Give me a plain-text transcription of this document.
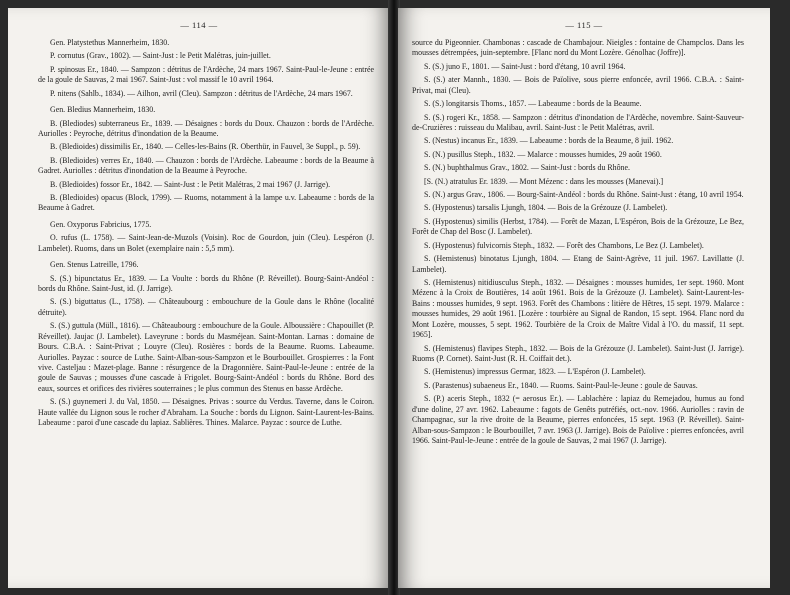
— 114 —
Gen. Platystethus Mannerheim, 1830.
P. cornutus (Grav., 1802). — Saint-Just : le Petit Malétras, juin-juillet.
P. spinosus Er., 1840. — Sampzon : détritus de l'Ardèche, 24 mars 1967. Saint-Paul-le-Jeune : entrée de la goule de Sauvas, 2 mai 1967. Saint-Just : vol massif le 10 avril 1964.
P. nitens (Sahlb., 1834). — Ailhon, avril (Cleu). Sampzon : détritus de l'Ardèche, 24 mars 1967.
Gen. Bledius Mannerheim, 1830.
B. (Blediodes) subterraneus Er., 1839. — Désaignes : bords du Doux. Chauzon : bords de l'Ardèche. Auriolles : Peyroche, détritus d'inondation de la Beaume.
B. (Bledioides) dissimilis Er., 1840. — Celles-les-Bains (R. Oberthür, in Fauvel, 3e Suppl., p. 59).
B. (Bledioides) verres Er., 1840. — Chauzon : bords de l'Ardèche. Labeaume : bords de la Beaume à Gadret. Auriolles : détritus d'inondation de la Beaume à Peyroche.
B. (Bledioides) fossor Er., 1842. — Saint-Just : le Petit Malétras, 2 mai 1967 (J. Jarrige).
B. (Bledioides) opacus (Block, 1799). — Ruoms, notamment à la lampe u.v. Labeaume : bords de la Beaume à Gadret.
Gen. Oxyporus Fabricius, 1775.
O. rufus (L. 1758). — Saint-Jean-de-Muzols (Voisin). Roc de Gourdon, juin (Cleu). Lespéron (J. Lambelet). Ruoms, dans un Bolet (exemplaire nain : 5,5 mm).
Gen. Stenus Latreille, 1796.
S. (S.) bipunctatus Er., 1839. — La Voulte : bords du Rhône (P. Réveillet). Bourg-Saint-Andéol : bords du Rhône. Saint-Just, id. (J. Jarrige).
S. (S.) biguttatus (L., 1758). — Châteaubourg : embouchure de la Goule dans le Rhône (localité détruite).
S. (S.) guttula (Müll., 1816). — Châteaubourg : embouchure de la Goule. Alboussière : Chapouillet (P. Réveillet). Jaujac (J. Lambelet). Laveyrune : bords du Masméjean. Saint-Montan. Larnas : domaine de Bours. C.B.A. : Saint-Privat ; Louyre (Cleu). Rosières : bords de la Beaume. Ruoms. Labeaume. Auriolles. Payzac : source de Luthe. Saint-Alban-sous-Sampzon et le Bourbouillet. Grospierres : la Font vive. Casteljau : Mazet-plage. Banne : résurgence de la Dragonnière. Saint-Paul-le-Jeune : entrée de la goule de Sauvas ; mousses d'une cascade à Frigolet. Bourg-Saint-Andéol : bords du Rhône. Bord des eaux, sources et orifices des rivières souterraines ; le plus commun des Stenus en basse Ardèche.
S. (S.) guynemeri J. du Val, 1850. — Désaignes. Privas : source du Verdus. Taverne, dans le Coiron. Haute vallée du Lignon sous le rocher d'Abraham. La Souche : bords du Lignon. Saint-Laurent-les-Bains. Labeaume : paroi d'une cascade du lapiaz. Sablières. Thines. Malarce. Payzac : source de Luthe.
— 115 —
source du Pigeonnier. Chambonas : cascade de Chambajour. Nieigles : fontaine de Champclos. Dans les mousses détrempées, juin-septembre. [Flanc nord du Mont Lozère. Génolhac (Joffre)].
S. (S.) juno F., 1801. — Saint-Just : bord d'étang, 10 avril 1964.
S. (S.) ater Mannh., 1830. — Bois de Païolive, sous pierre enfoncée, avril 1966. C.B.A. : Saint-Privat, mai (Cleu).
S. (S.) longitarsis Thoms., 1857. — Labeaume : bords de la Beaume.
S. (S.) rogeri Kr., 1858. — Sampzon : détritus d'inondation de l'Ardèche, novembre. Saint-Sauveur-de-Cruzières : ruisseau du Malibau, avril. Saint-Just : le Petit Malétras, avril.
S. (Nestus) incanus Er., 1839. — Labeaume : bords de la Beaume, 8 juil. 1962.
S. (N.) pusillus Steph., 1832. — Malarce : mousses humides, 29 août 1960.
S. (N.) buphthalmus Grav., 1802. — Saint-Just : bords du Rhône.
[S. (N.) atratulus Er. 1839. — Mont Mézenc : dans les mousses (Manevai).]
S. (N.) argus Grav., 1806. — Bourg-Saint-Andéol : bords du Rhône. Saint-Just : étang, 10 avril 1954.
S. (Hypostenus) tarsalis Ljungh, 1804. — Bois de la Grézouze (J. Lambelet).
S. (Hypostenus) similis (Herbst, 1784). — Forêt de Mazan, L'Espéron, Bois de la Grézouze, Le Bez, Forêt de Chap del Bosc (J. Lambelet).
S. (Hypostenus) fulvicornis Steph., 1832. — Forêt des Chambons, Le Bez (J. Lambelet).
S. (Hemistenus) binotatus Ljungh, 1804. — Etang de Saint-Agrève, 11 juil. 1967. Lavillatte (J. Lambelet).
S. (Hemistenus) nitidiusculus Steph., 1832. — Désaignes : mousses humides, 1er sept. 1960. Mont Mézenc à la Croix de Boutières, 14 août 1961. Bois de la Grézouze (J. Lambelet). Saint-Laurent-les-Bains : mousses humides, 9 sept. 1963. Forêt des Chambons : litière de Hêtres, 15 sept. 1979. Malarce : mousses humides, 29 août 1961. [Lozère : tourbière au Signal de Randon, 15 sept. 1964. Flanc nord du Mont Lozère, mousses, 5 sept. 1962. Tourbière de la Croix de Maître Vidal à l'O. du massif, 11 sept. 1965].
S. (Hemistenus) flavipes Steph., 1832. — Bois de la Grézouze (J. Lambelet). Saint-Just (J. Jarrige). Ruoms (P. Cornet). Saint-Just (R. H. Coiffait det.).
S. (Hemistenus) impressus Germar, 1823. — L'Espéron (J. Lambelet).
S. (Parastenus) subaeneus Er., 1840. — Ruoms. Saint-Paul-le-Jeune : goule de Sauvas.
S. (P.) aceris Steph., 1832 (= aerosus Er.). — Lablachère : lapiaz du Remejadou, humus au fond d'une doline, 27 avr. 1962. Labeaume : fagots de Genêts putréfiés, oct.-nov. 1966. Auriolles : ravin de Champagnac, sur la rive droite de la Beaume, pierres enfoncées, 15 sept. 1963 (P. Réveillet). Saint-Alban-sous-Sampzon : le Bourbouillet, 7 avr. 1963 (J. Jarrige). Bois de Païolive : pierres enfoncées, avril 1966. Saint-Paul-le-Jeune : entrée de la goule de Sauvas, 2 mai 1967 (J. Jarrige).
